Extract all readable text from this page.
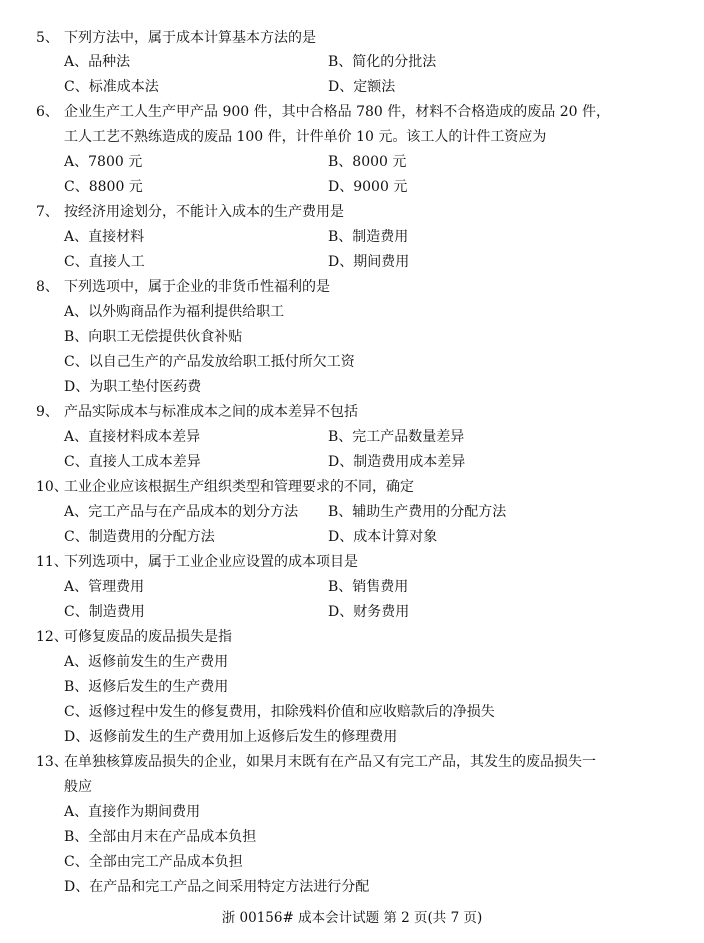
5、 下列方法中，属于成本计算基本方法的是
A、品种法	B、简化的分批法
C、标准成本法	D、定额法
6、 企业生产工人生产甲产品 900 件，其中合格品 780 件，材料不合格造成的废品 20 件，
工人工艺不熟练造成的废品 100 件，计件单价 10 元。该工人的计件工资应为
A、7800 元	B、8000 元
C、8800 元	D、9000 元
7、 按经济用途划分，不能计入成本的生产费用是
A、直接材料	B、制造费用
C、直接人工	D、期间费用
8、 下列选项中，属于企业的非货币性福利的是
A、以外购商品作为福利提供给职工
B、向职工无偿提供伙食补贴
C、以自己生产的产品发放给职工抵付所欠工资
D、为职工垫付医药费
9、 产品实际成本与标准成本之间的成本差异不包括
A、直接材料成本差异	B、完工产品数量差异
C、直接人工成本差异	D、制造费用成本差异
10、
工业企业应该根据生产组织类型和管理要求的不同，确定
A、完工产品与在产品成本的划分方法 B、辅助生产费用的分配方法
C、制造费用的分配方法	D、成本计算对象
11、
下列选项中，属于工业企业应设置的成本项目是
A、管理费用	B、销售费用
C、制造费用	D、财务费用
12、
可修复废品的废品损失是指
A、返修前发生的生产费用
B、返修后发生的生产费用
C、返修过程中发生的修复费用，扣除残料价值和应收赔款后的净损失
D、返修前发生的生产费用加上返修后发生的修理费用
13、
在单独核算废品损失的企业，如果月末既有在产品又有完工产品，其发生的废品损失一
般应
A、直接作为期间费用
B、全部由月末在产品成本负担
C、全部由完工产品成本负担
D、在产品和完工产品之间采用特定方法进行分配
浙 00156# 成本会计试题 第 2 页(共 7 页)
